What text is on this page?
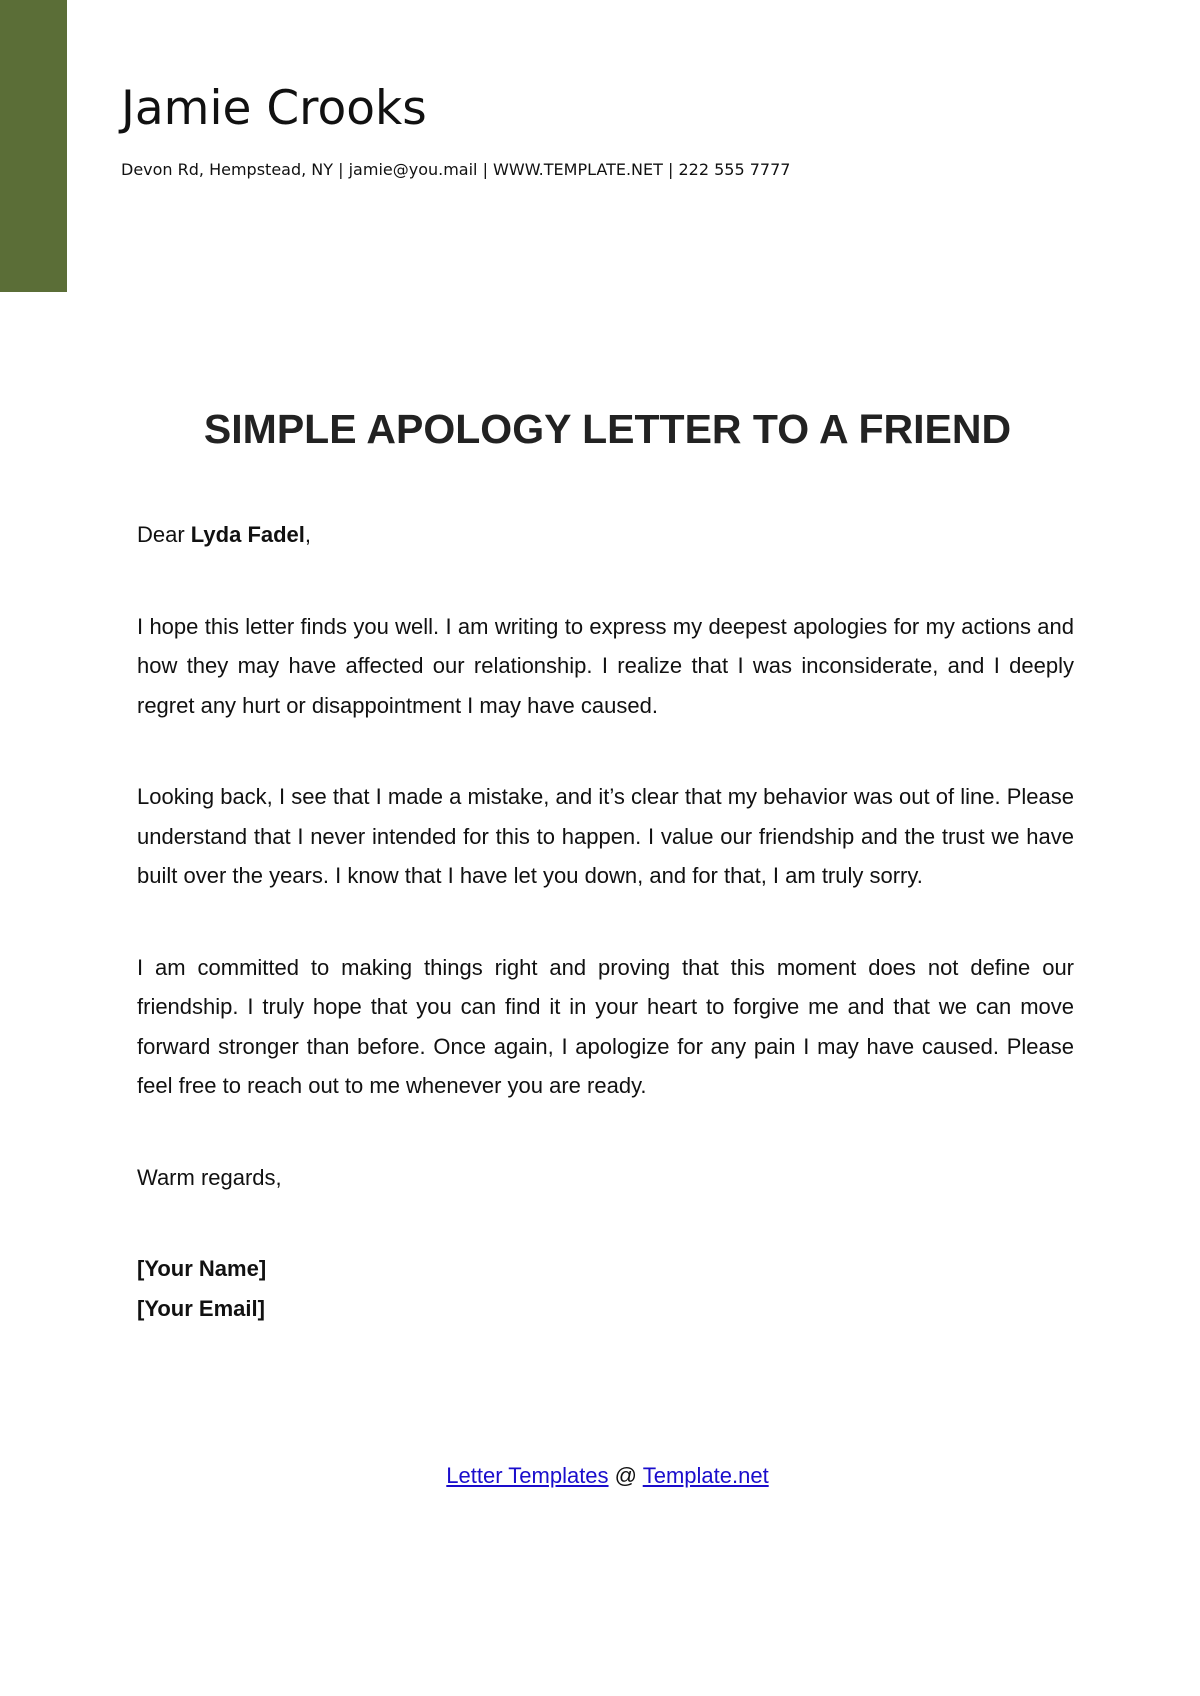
Jamie Crooks

Devon Rd, Hempstead, NY | jamie@you.mail | WWW.TEMPLATE.NET | 222 555 7777

SIMPLE APOLOGY LETTER TO A FRIEND

Dear Lyda Fadel,

I hope this letter finds you well. I am writing to express my deepest apologies for my actions and how they may have affected our relationship. I realize that I was inconsiderate, and I deeply regret any hurt or disappointment I may have caused.

Looking back, I see that I made a mistake, and it’s clear that my behavior was out of line. Please understand that I never intended for this to happen. I value our friendship and the trust we have built over the years. I know that I have let you down, and for that, I am truly sorry.

I am committed to making things right and proving that this moment does not define our friendship. I truly hope that you can find it in your heart to forgive me and that we can move forward stronger than before. Once again, I apologize for any pain I may have caused. Please feel free to reach out to me whenever you are ready.

Warm regards,

[Your Name]

[Your Email]

Letter Templates @ Template.net
